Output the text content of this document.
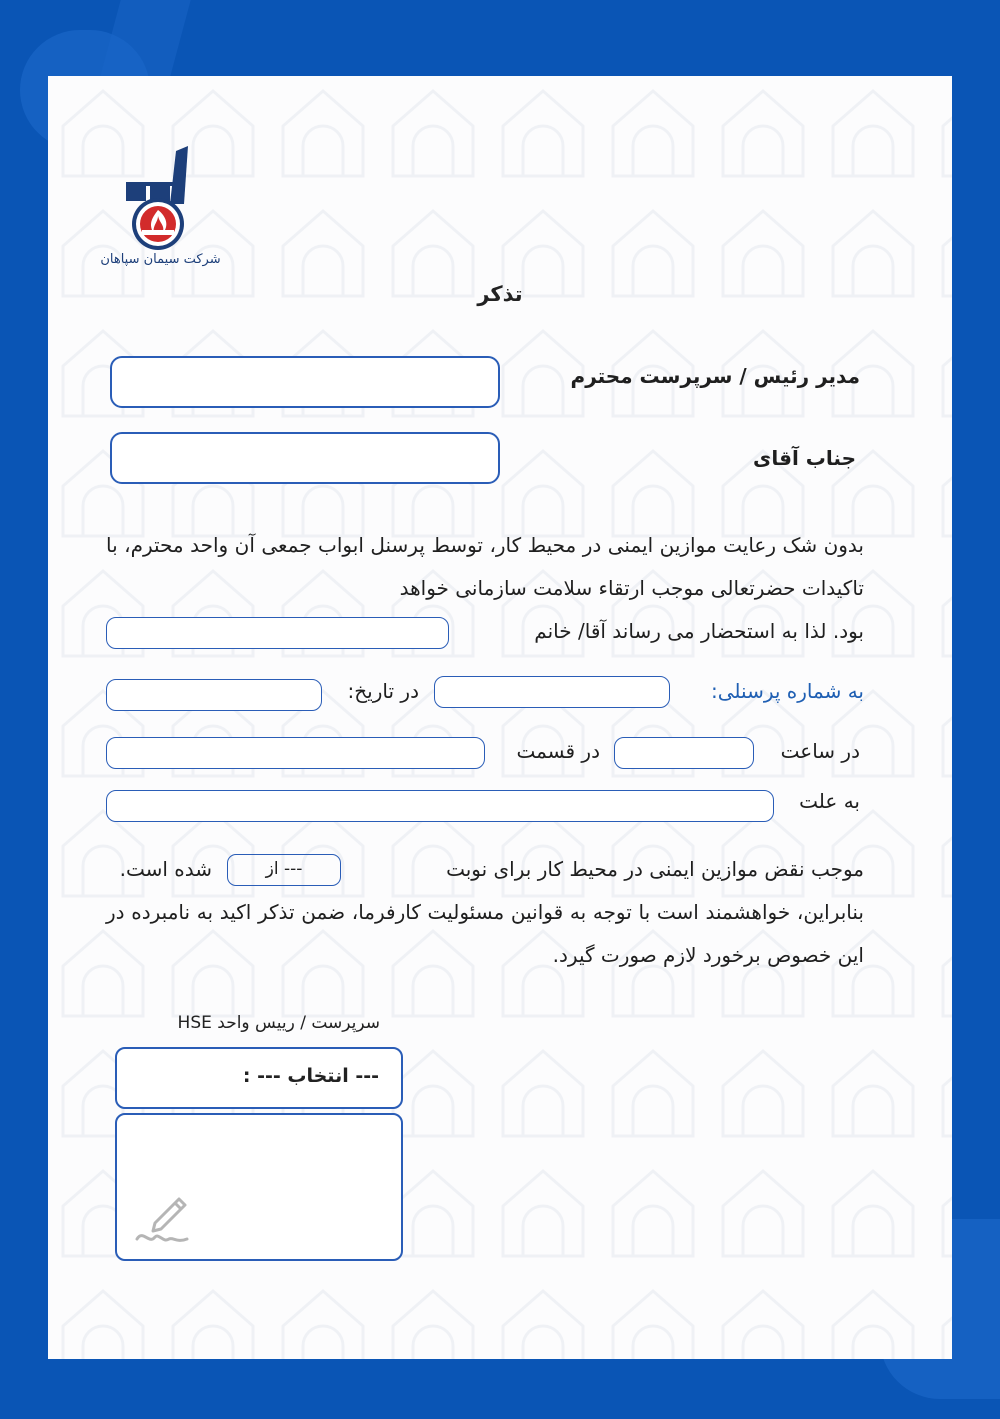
شرکت سیمان سپاهان
تذکر
مدیر رئیس / سرپرست محترم
جناب آقای
بدون شک رعایت موازین ایمنی در محیط کار، توسط پرسنل ابواب جمعی آن واحد محترم، با تاکیدات حضرتعالی موجب ارتقاء سلامت سازمانی خواهد
بود. لذا به استحضار می رساند آقا/ خانم
به شماره پرسنلی:
در تاریخ:
در ساعت
در قسمت
به علت
موجب نقض موازین ایمنی در محیط کار برای نوبت
--- از
شده است.
بنابراین، خواهشمند است با توجه به قوانین مسئولیت کارفرما، ضمن تذکر اکید به نامبرده در این خصوص برخورد لازم صورت گیرد.
سرپرست / رییس واحد HSE
--- انتخاب --- :
